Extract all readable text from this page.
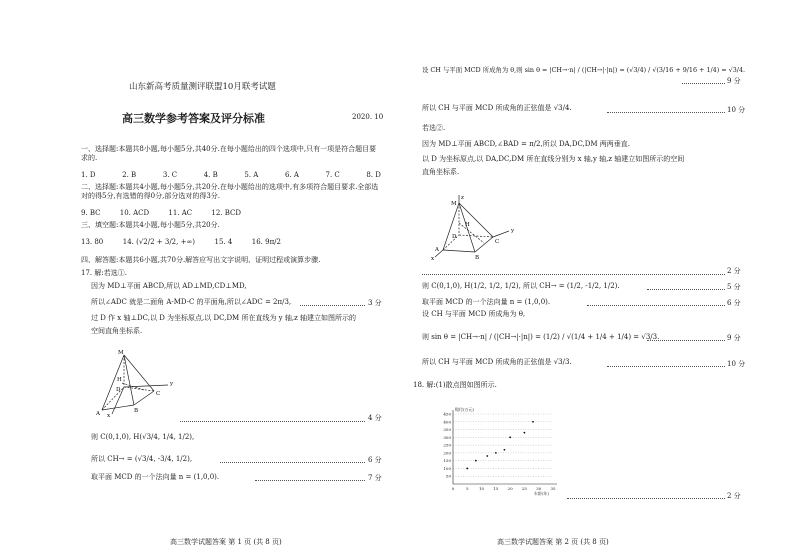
山东新高考质量测评联盟10月联考试题
高三数学参考答案及评分标准	2020. 10
一、选择题:本题共8小题,每小题5分,共40分.在每小题给出的四个选项中,只有一项是符合题目要求的.
1. D	2. B	3. C	4. B	5. A	6. A	7. C	8. D
二、选择题:本题共4小题,每小题5分,共20分.在每小题给出的选项中,有多项符合题目要求.全部选对的得5分,有选错的得0分,部分选对的得3分.
9. BC	10. ACD	11. AC	12. BCD
三、填空题:本题共4小题,每小题5分,共20分.
13. 80	14. (√2/2 + 3/2, +∞)	15. 4	16. 9π/2
四、解答题:本题共6小题,共70分.解答应写出文字说明、证明过程或演算步骤.
17. 解:若选①.
因为 MD⊥平面 ABCD,所以 AD⊥MD,CD⊥MD,
所以∠ADC 就是二面角 A-MD-C 的平面角,所以∠ADC = 2π/3,	3 分
过 D 作 x 轴⊥DC,以 D 为坐标原点,以 DC,DM 所在直线为 y 轴,z 轴建立如图所示的
空间直角坐标系.
M
H
D
A	B
C
x
y
4 分
则 C(0,1,0), H(√3/4, 1/4, 1/2),
所以 CH→ = (√3/4, -3/4, 1/2),	6 分
取平面 MCD 的一个法向量 n = (1,0,0).	7 分
高三数学试题答案 第 1 页 (共 8 页)
设 CH 与平面 MCD 所成角为 θ,则 sin θ = |CH→·n| / (|CH→|·|n|) = (√3/4) / √(3/16 + 9/16 + 1/4) = √3/4.
9 分
所以 CH 与平面 MCD 所成角的正弦值是 √3/4.	10 分
若选②.
因为 MD⊥平面 ABCD,∠BAD = π/2,所以 DA,DC,DM 两两垂直.
以 D 为坐标原点,以 DA,DC,DM 所在直线分别为 x 轴,y 轴,z 轴建立如图所示的空间
直角坐标系.
M
H
D
A
B
C
x
y
z
2 分
则 C(0,1,0), H(1/2, 1/2, 1/2), 所以 CH→ = (1/2, -1/2, 1/2).	5 分
取平面 MCD 的一个法向量 n = (1,0,0).	6 分
设 CH 与平面 MCD 所成角为 θ,
则 sin θ = |CH→·n| / (|CH→|·|n|) = (1/2) / √(1/4 + 1/4 + 1/4) = √3/3.	9 分
所以 CH 与平面 MCD 所成角的正弦值是 √3/3.	10 分
18. 解:(1)散点图如图所示.
50
100
150
200
250
300
350
400
450
0	5	10 15 20 25 30 35
赔付(万元)
车龄(年)	2 分
高三数学试题答案 第 2 页 (共 8 页)
